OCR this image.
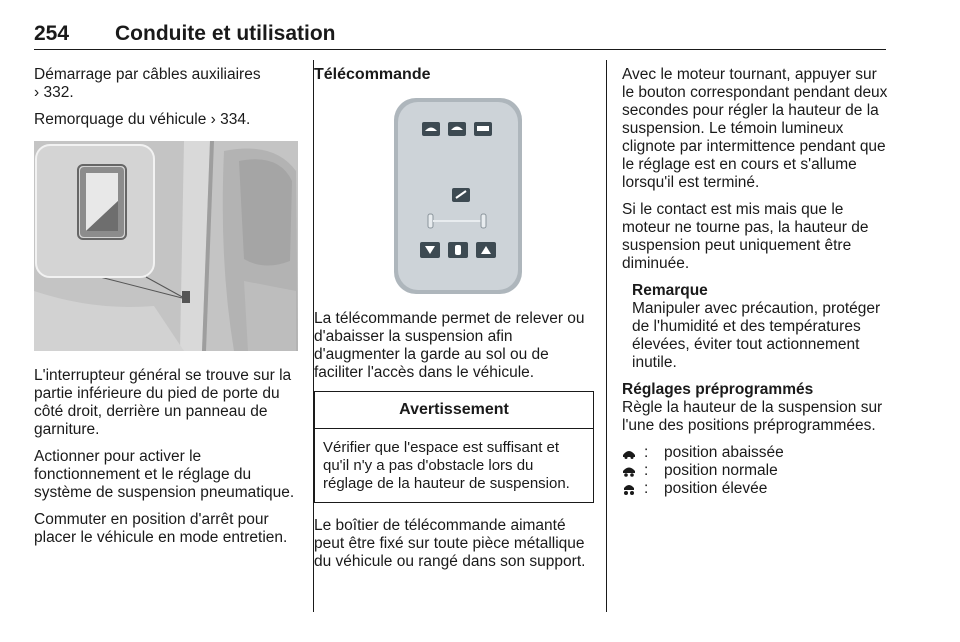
254 Conduite et utilisation
Démarrage par câbles auxiliaires
› 332.
Remorquage du véhicule › 334.
L'interrupteur général se trouve sur la partie inférieure du pied de porte du côté droit, derrière un panneau de garniture.
Actionner pour activer le fonctionnement et le réglage du système de suspension pneumatique.
Commuter en position d'arrêt pour placer le véhicule en mode entretien.
Télécommande
La télécommande permet de relever ou d'abaisser la suspension afin d'augmenter la garde au sol ou de faciliter l'accès dans le véhicule.
Avertissement
Vérifier que l'espace est suffisant et qu'il n'y a pas d'obstacle lors du réglage de la hauteur de suspension.
Le boîtier de télécommande aimanté peut être fixé sur toute pièce métallique du véhicule ou rangé dans son support.
Avec le moteur tournant, appuyer sur le bouton correspondant pendant deux secondes pour régler la hauteur de la suspension. Le témoin lumineux clignote par intermittence pendant que le réglage est en cours et s'allume lorsqu'il est terminé.
Si le contact est mis mais que le moteur ne tourne pas, la hauteur de suspension peut uniquement être diminuée.
Remarque
Manipuler avec précaution, protéger de l'humidité et des températures élevées, éviter tout actionnement inutile.
Réglages préprogrammés
Règle la hauteur de la suspension sur l'une des positions préprogrammées.
:	position abaissée
:	position normale
:	position élevée
